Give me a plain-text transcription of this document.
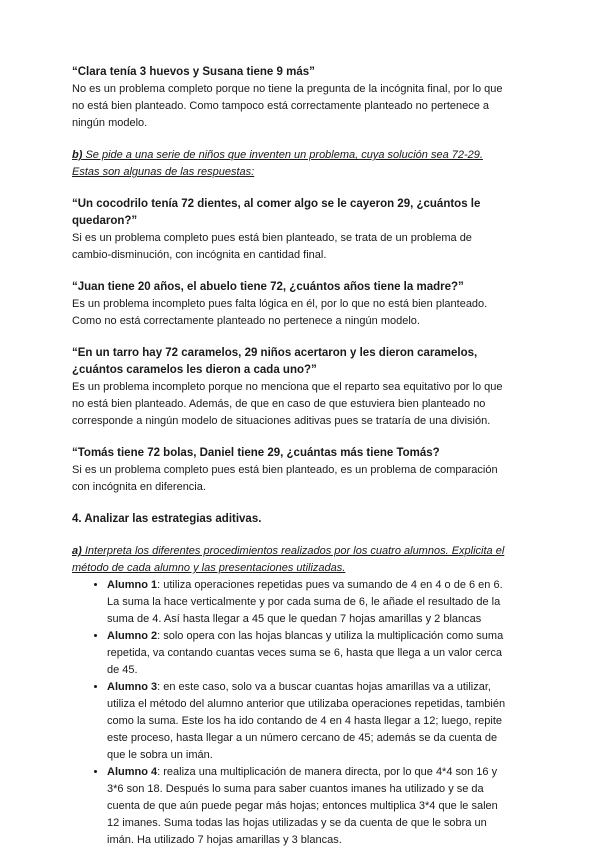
“Clara tenía 3 huevos y Susana tiene 9 más”
No es un problema completo porque no tiene la pregunta de la incógnita final, por lo que no está bien planteado. Como tampoco está correctamente planteado no pertenece a ningún modelo.
b) Se pide a una serie de niños que inventen un problema, cuya solución sea 72-29. Estas son algunas de las respuestas:
“Un cocodrilo tenía 72 dientes, al comer algo se le cayeron 29, ¿cuántos le quedaron?”
Si es un problema completo pues está bien planteado, se trata de un problema de cambio-disminución, con incógnita en cantidad final.
“Juan tiene 20 años, el abuelo tiene 72, ¿cuántos años tiene la madre?”
Es un problema incompleto pues falta lógica en él, por lo que no está bien planteado. Como no está correctamente planteado no pertenece a ningún modelo.
“En un tarro hay 72 caramelos, 29 niños acertaron y les dieron caramelos, ¿cuántos caramelos les dieron a cada uno?”
Es un problema incompleto porque no menciona que el reparto sea equitativo por lo que no está bien planteado. Además, de que en caso de que estuviera bien planteado no corresponde a ningún modelo de situaciones aditivas pues se trataría de una división.
“Tomás tiene 72 bolas, Daniel tiene 29, ¿cuántas más tiene Tomás?
Si es un problema completo pues está bien planteado, es un problema de comparación con incógnita en diferencia.
4. Analizar las estrategias aditivas.
a) Interpreta los diferentes procedimientos realizados por los cuatro alumnos. Explicita el método de cada alumno y las presentaciones utilizadas.
• Alumno 1: utiliza operaciones repetidas pues va sumando de 4 en 4 o de 6 en 6. La suma la hace verticalmente y por cada suma de 6, le añade el resultado de la suma de 4. Así hasta llegar a 45 que le quedan 7 hojas amarillas y 2 blancas
• Alumno 2: solo opera con las hojas blancas y utiliza la multiplicación como suma repetida, va contando cuantas veces suma se 6, hasta que llega a un valor cerca de 45.
• Alumno 3: en este caso, solo va a buscar cuantas hojas amarillas va a utilizar, utiliza el método del alumno anterior que utilizaba operaciones repetidas, también como la suma. Este los ha ido contando de 4 en 4 hasta llegar a 12; luego, repite este proceso, hasta llegar a un número cercano de 45; además se da cuenta de que le sobra un imán.
• Alumno 4: realiza una multiplicación de manera directa, por lo que 4*4 son 16 y 3*6 son 18. Después lo suma para saber cuantos imanes ha utilizado y se da cuenta de que aún puede pegar más hojas; entonces multiplica 3*4 que le salen 12 imanes. Suma todas las hojas utilizadas y se da cuenta de que le sobra un imán. Ha utilizado 7 hojas amarillas y 3 blancas.
